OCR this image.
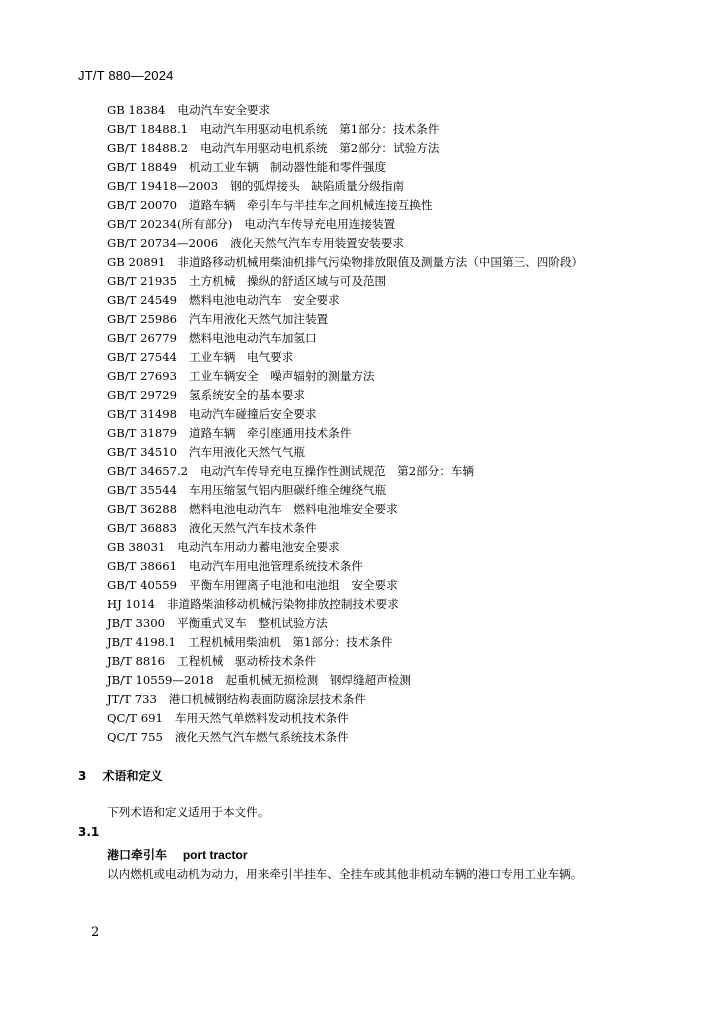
JT/T 880—2024
GB 18384 电动汽车安全要求
GB/T 18488.1 电动汽车用驱动电机系统　第1部分：技术条件
GB/T 18488.2 电动汽车用驱动电机系统　第2部分：试验方法
GB/T 18849 机动工业车辆　制动器性能和零件强度
GB/T 19418—2003 钢的弧焊接头　缺陷质量分级指南
GB/T 20070 道路车辆　牵引车与半挂车之间机械连接互换性
GB/T 20234(所有部分) 电动汽车传导充电用连接装置
GB/T 20734—2006 液化天然气汽车专用装置安装要求
GB 20891 非道路移动机械用柴油机排气污染物排放限值及测量方法（中国第三、四阶段）
GB/T 21935 土方机械　操纵的舒适区域与可及范围
GB/T 24549 燃料电池电动汽车　安全要求
GB/T 25986 汽车用液化天然气加注装置
GB/T 26779 燃料电池电动汽车加氢口
GB/T 27544 工业车辆　电气要求
GB/T 27693 工业车辆安全　噪声辐射的测量方法
GB/T 29729 氢系统安全的基本要求
GB/T 31498 电动汽车碰撞后安全要求
GB/T 31879 道路车辆　牵引座通用技术条件
GB/T 34510 汽车用液化天然气气瓶
GB/T 34657.2 电动汽车传导充电互操作性测试规范　第2部分：车辆
GB/T 35544 车用压缩氢气铝内胆碳纤维全缠绕气瓶
GB/T 36288 燃料电池电动汽车　燃料电池堆安全要求
GB/T 36883 液化天然气汽车技术条件
GB 38031 电动汽车用动力蓄电池安全要求
GB/T 38661 电动汽车用电池管理系统技术条件
GB/T 40559 平衡车用锂离子电池和电池组　安全要求
HJ 1014 非道路柴油移动机械污染物排放控制技术要求
JB/T 3300 平衡重式叉车　整机试验方法
JB/T 4198.1 工程机械用柴油机　第1部分：技术条件
JB/T 8816 工程机械　驱动桥技术条件
JB/T 10559—2018 起重机械无损检测　钢焊缝超声检测
JT/T 733 港口机械钢结构表面防腐涂层技术条件
QC/T 691 车用天然气单燃料发动机技术条件
QC/T 755 液化天然气汽车燃气系统技术条件
3 术语和定义
下列术语和定义适用于本文件。
3.1
港口牵引车 port tractor
以内燃机或电动机为动力，用来牵引半挂车、全挂车或其他非机动车辆的港口专用工业车辆。
2
